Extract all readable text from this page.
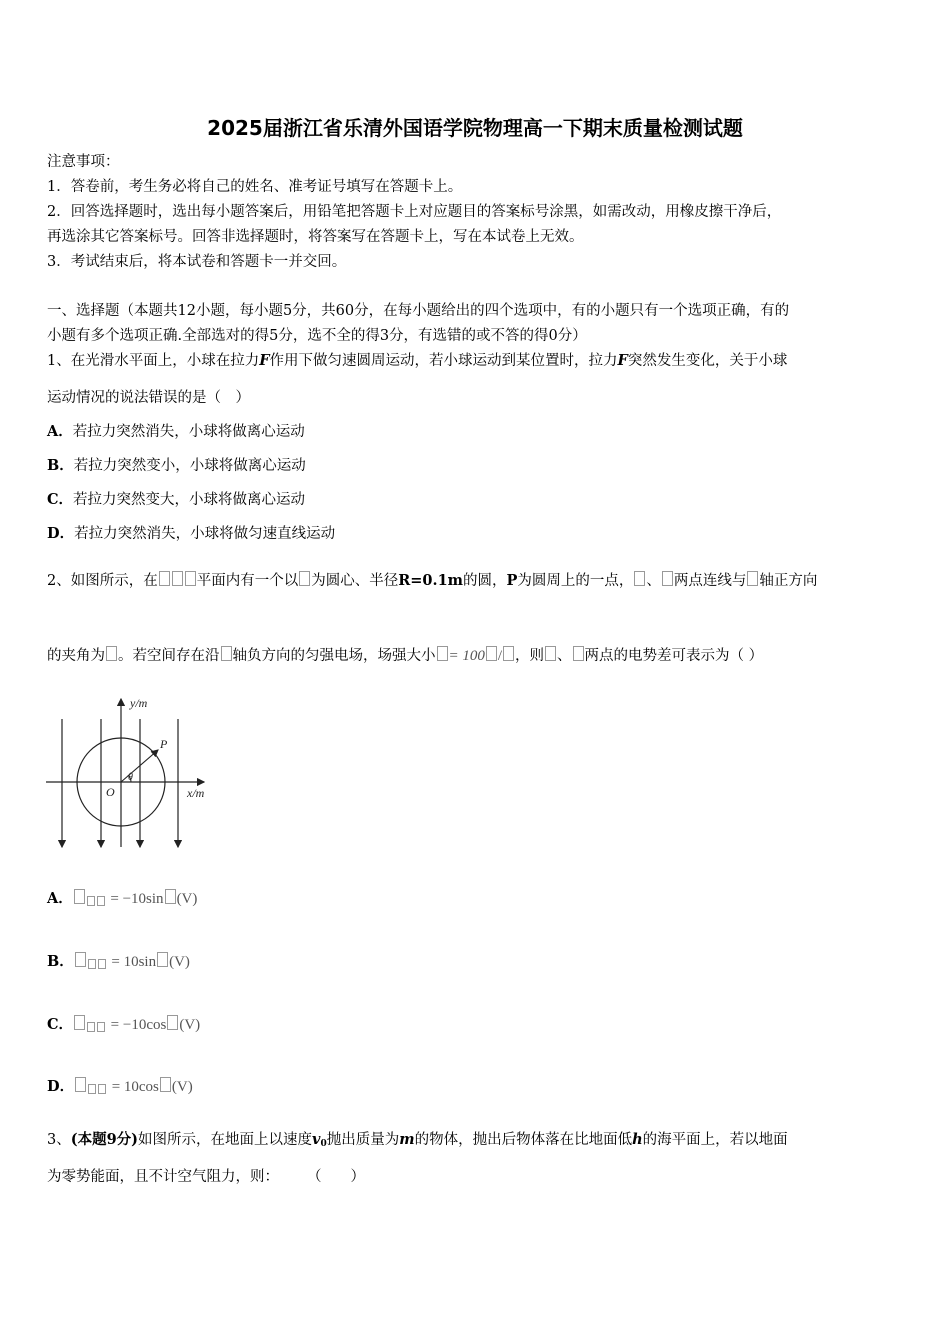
2025届浙江省乐清外国语学院物理高一下期末质量检测试题
注意事项：
1．答卷前，考生务必将自己的姓名、准考证号填写在答题卡上。
2．回答选择题时，选出每小题答案后，用铅笔把答题卡上对应题目的答案标号涂黑，如需改动，用橡皮擦干净后，
再选涂其它答案标号。回答非选择题时，将答案写在答题卡上，写在本试卷上无效。
3．考试结束后，将本试卷和答题卡一并交回。
一、选择题（本题共12小题，每小题5分，共60分，在每小题给出的四个选项中，有的小题只有一个选项正确，有的
小题有多个选项正确.全部选对的得5分，选不全的得3分，有选错的或不答的得0分）
1、在光滑水平面上，小球在拉力F作用下做匀速圆周运动，若小球运动到某位置时，拉力F突然发生变化，关于小球
运动情况的说法错误的是（　）
A．若拉力突然消失，小球将做离心运动
B．若拉力突然变小，小球将做离心运动
C．若拉力突然变大，小球将做离心运动
D．若拉力突然消失，小球将做匀速直线运动
2、如图所示，在	平面内有一个以 为圆心、半径R=0.1m的圆，P为圆周上的一点， 、 两点连线与 轴正方向
的夹角为 。若空间存在沿 轴负方向的匀强电场，场强大小 = 100 / ，则 、 两点的电势差可表示为（ ）
y/m
x/m
O
P
θ
A．	= −10sin (V)
B．	= 10sin (V)
C．	= −10cos (V)
D．	= 10cos (V)
3、(本题9分)如图所示，在地面上以速度$v_0$抛出质量为m的物体，抛出后物体落在比地面低h的海平面上，若以地面
为零势能面，且不计空气阻力，则： （　　）
